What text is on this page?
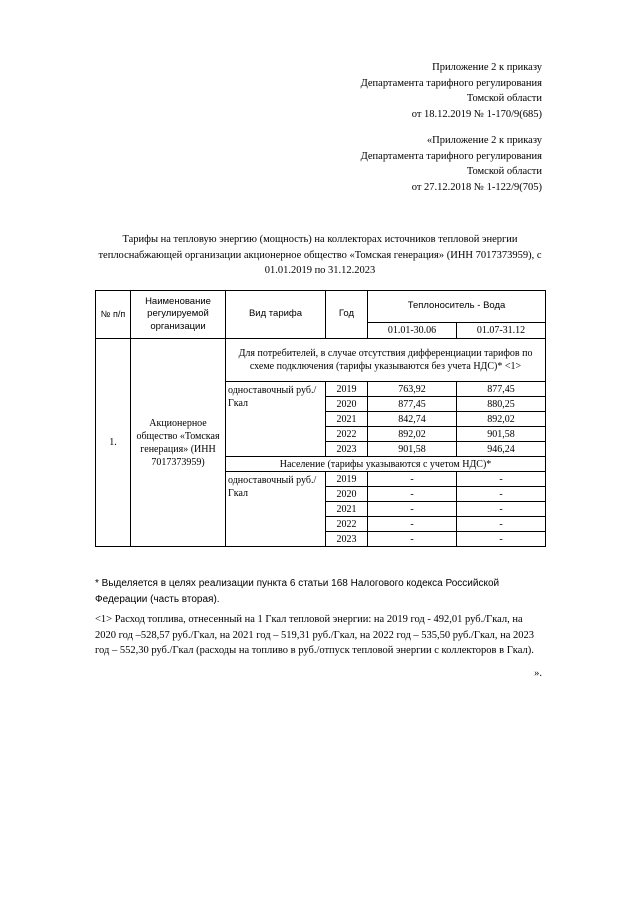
Приложение 2 к приказу
Департамента тарифного регулирования
Томской области
от 18.12.2019 № 1-170/9(685)
«Приложение 2 к приказу
Департамента тарифного регулирования
Томской области
от 27.12.2018 № 1-122/9(705)
Тарифы на тепловую энергию (мощность) на коллекторах источников тепловой энергии теплоснабжающей организации акционерное общество «Томская генерация» (ИНН 7017373959), с 01.01.2019 по 31.12.2023
№ п/п	Наименование регулируемой организации	Вид тарифа	Год	Теплоноситель - Вода	
				01.01-30.06	01.07-31.12
1.	Акционерное общество «Томская генерация» (ИНН 7017373959)	Для потребителей, в случае отсутствия дифференциации тарифов по схеме подключения (тарифы указываются без учета НДС)* <1>			
		одноставочный руб./Гкал	2019	763,92	877,45
			2020	877,45	880,25
			2021	842,74	892,02
			2022	892,02	901,58
			2023	901,58	946,24
		Население (тарифы указываются с учетом НДС)*			
		одноставочный руб./Гкал	2019	-	-
			2020	-	-
			2021	-	-
			2022	-	-
			2023	-	-
* Выделяется в целях реализации пункта 6 статьи 168 Налогового кодекса Российской Федерации (часть вторая).
<1> Расход топлива, отнесенный на 1 Гкал тепловой энергии: на 2019 год - 492,01 руб./Гкал, на 2020 год –528,57 руб./Гкал, на 2021 год – 519,31 руб./Гкал, на 2022 год – 535,50 руб./Гкал, на 2023 год – 552,30 руб./Гкал (расходы на топливо в руб./отпуск тепловой энергии с коллекторов в Гкал).
».
